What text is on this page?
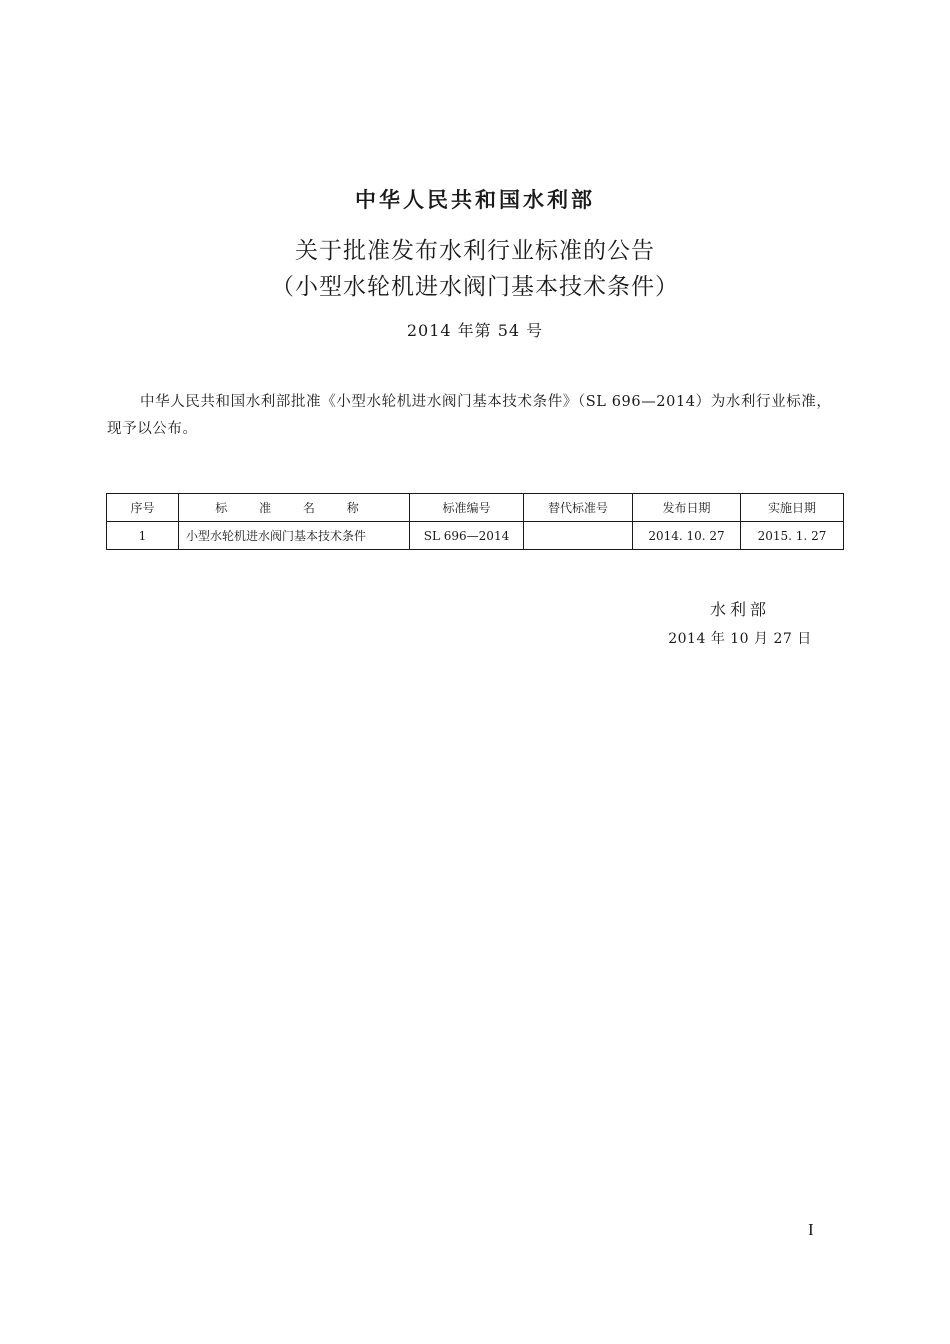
中华人民共和国水利部
关于批准发布水利行业标准的公告
（小型水轮机进水阀门基本技术条件）
2014 年第 54 号

中华人民共和国水利部批准《小型水轮机进水阀门基本技术条件》（SL 696—2014）为水利行业标准，现予以公布。

序号	标 准 名 称	标准编号	替代标准号	发布日期	实施日期
1	小型水轮机进水阀门基本技术条件	SL 696—2014		2014. 10. 27	2015. 1. 27
水利部
2014 年 10 月 27 日
I
